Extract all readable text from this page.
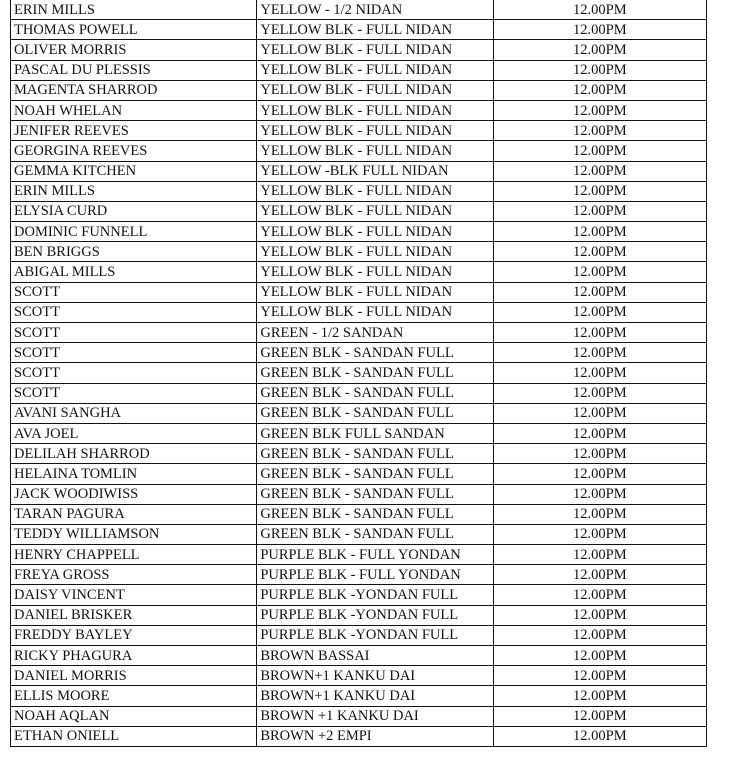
ERIN MILLS	YELLOW - 1/2 NIDAN	12.00PM
THOMAS POWELL	YELLOW BLK - FULL NIDAN	12.00PM
OLIVER MORRIS	YELLOW BLK - FULL NIDAN	12.00PM
PASCAL DU PLESSIS	YELLOW BLK - FULL NIDAN	12.00PM
MAGENTA SHARROD	YELLOW BLK - FULL NIDAN	12.00PM
NOAH WHELAN	YELLOW BLK - FULL NIDAN	12.00PM
JENIFER REEVES	YELLOW BLK - FULL NIDAN	12.00PM
GEORGINA REEVES	YELLOW BLK - FULL NIDAN	12.00PM
GEMMA KITCHEN	YELLOW -BLK FULL NIDAN	12.00PM
ERIN MILLS	YELLOW BLK - FULL NIDAN	12.00PM
ELYSIA CURD	YELLOW BLK - FULL NIDAN	12.00PM
DOMINIC FUNNELL	YELLOW BLK - FULL NIDAN	12.00PM
BEN BRIGGS	YELLOW BLK - FULL NIDAN	12.00PM
ABIGAL MILLS	YELLOW BLK - FULL NIDAN	12.00PM
SCOTT	YELLOW BLK - FULL NIDAN	12.00PM
SCOTT	YELLOW BLK - FULL NIDAN	12.00PM
SCOTT	GREEN - 1/2 SANDAN	12.00PM
SCOTT	GREEN BLK - SANDAN FULL	12.00PM
SCOTT	GREEN BLK - SANDAN FULL	12.00PM
SCOTT	GREEN BLK - SANDAN FULL	12.00PM
AVANI SANGHA	GREEN BLK - SANDAN FULL	12.00PM
AVA JOEL	GREEN BLK FULL SANDAN	12.00PM
DELILAH SHARROD	GREEN BLK - SANDAN FULL	12.00PM
HELAINA TOMLIN	GREEN BLK - SANDAN FULL	12.00PM
JACK WOODIWISS	GREEN BLK - SANDAN FULL	12.00PM
TARAN PAGURA	GREEN BLK - SANDAN FULL	12.00PM
TEDDY WILLIAMSON	GREEN BLK - SANDAN FULL	12.00PM
HENRY CHAPPELL	PURPLE BLK - FULL YONDAN	12.00PM
FREYA GROSS	PURPLE BLK - FULL YONDAN	12.00PM
DAISY VINCENT	PURPLE BLK -YONDAN FULL	12.00PM
DANIEL BRISKER	PURPLE BLK -YONDAN FULL	12.00PM
FREDDY BAYLEY	PURPLE BLK -YONDAN FULL	12.00PM
RICKY PHAGURA	BROWN BASSAI	12.00PM
DANIEL MORRIS	BROWN+1 KANKU DAI	12.00PM
ELLIS MOORE	BROWN+1 KANKU DAI	12.00PM
NOAH AQLAN	BROWN +1 KANKU DAI	12.00PM
ETHAN ONIELL	BROWN +2 EMPI	12.00PM
